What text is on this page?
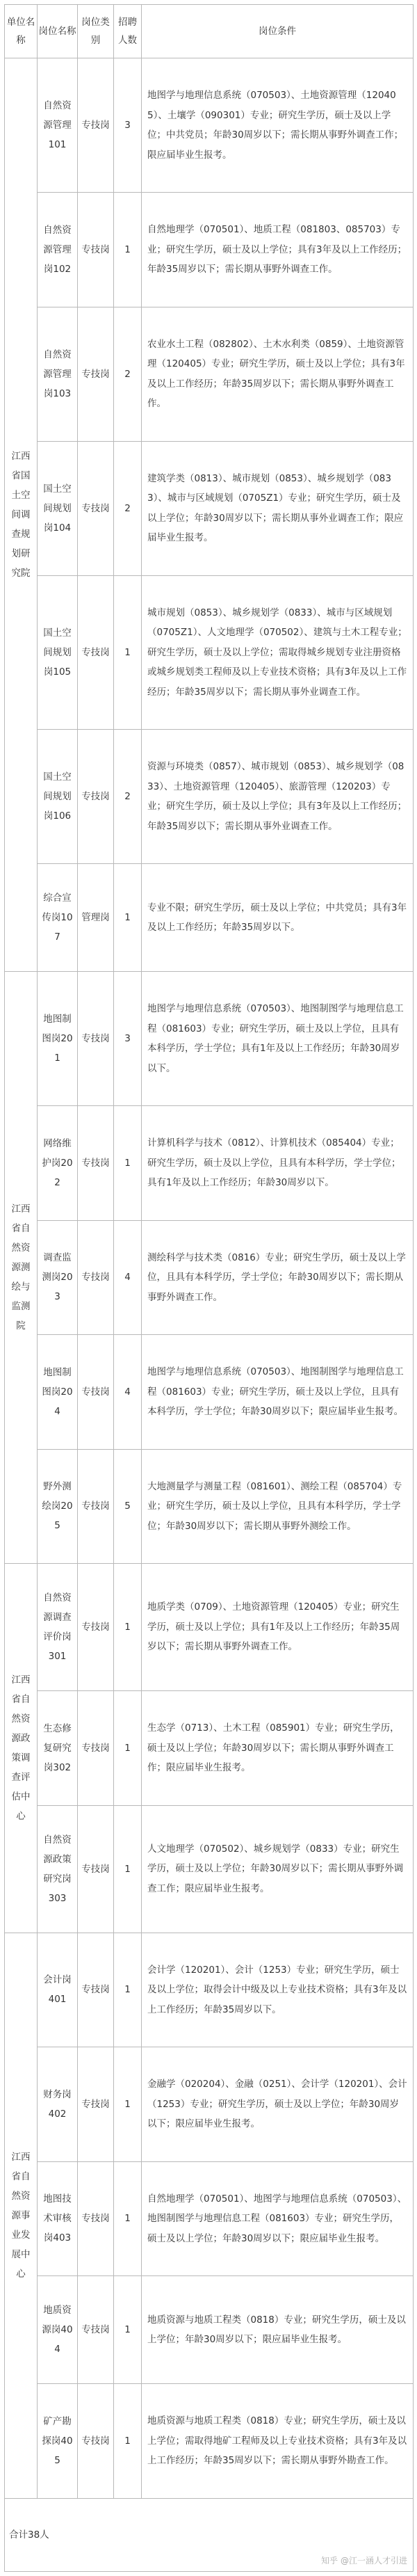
单位名称	岗位名称	岗位类别	招聘人数	岗位条件
江西省国土空间调查规划研究院	自然资源管理101	专技岗	3	地图学与地理信息系统（070503）、土地资源管理（120405）、土壤学（090301）专业；研究生学历，硕士及以上学位；中共党员；年龄30周岁以下；需长期从事野外调查工作；限应届毕业生报考。
	自然资源管理岗102	专技岗	1	自然地理学（070501）、地质工程（081803、085703）专业；研究生学历，硕士及以上学位；具有3年及以上工作经历；年龄35周岁以下；需长期从事野外调查工作。
	自然资源管理岗103	专技岗	2	农业水土工程（082802）、土木水利类（0859）、土地资源管理（120405）专业；研究生学历，硕士及以上学位；具有3年及以上工作经历；年龄35周岁以下；需长期从事野外调查工作。
	国土空间规划岗104	专技岗	2	建筑学类（0813）、城市规划（0853）、城乡规划学（0833）、城市与区域规划（0705Z1）专业；研究生学历，硕士及以上学位；年龄30周岁以下；需长期从事外业调查工作；限应届毕业生报考。
	国土空间规划岗105	专技岗	1	城市规划（0853）、城乡规划学（0833）、城市与区域规划（0705Z1）、人文地理学（070502）、建筑与土木工程专业；研究生学历，硕士及以上学位；需取得城乡规划专业注册资格或城乡规划类工程师及以上专业技术资格；具有3年及以上工作经历；年龄35周岁以下；需长期从事外业调查工作。
	国土空间规划岗106	专技岗	2	资源与环境类（0857）、城市规划（0853）、城乡规划学（0833）、土地资源管理（120405）、旅游管理（120203）专业；研究生学历，硕士及以上学位；具有3年及以上工作经历；年龄35周岁以下；需长期从事外业调查工作。
	综合宣传岗107	管理岗	1	专业不限；研究生学历，硕士及以上学位；中共党员；具有3年及以上工作经历；年龄35周岁以下。
江西省自然资源测绘与监测院	地图制图岗201	专技岗	3	地图学与地理信息系统（070503）、地图制图学与地理信息工程（081603）专业；研究生学历，硕士及以上学位，且具有本科学历，学士学位；具有1年及以上工作经历；年龄30周岁以下。
	网络维护岗202	专技岗	1	计算机科学与技术（0812）、计算机技术（085404）专业；研究生学历，硕士及以上学位，且具有本科学历，学士学位；具有1年及以上工作经历；年龄30周岁以下。
	调查监测岗203	专技岗	4	测绘科学与技术类（0816）专业；研究生学历，硕士及以上学位，且具有本科学历，学士学位；年龄30周岁以下；需长期从事野外调查工作。
	地图制图岗204	专技岗	4	地图学与地理信息系统（070503）、地图制图学与地理信息工程（081603）专业；研究生学历，硕士及以上学位，且具有本科学历，学士学位；年龄30周岁以下；限应届毕业生报考。
	野外测绘岗205	专技岗	5	大地测量学与测量工程（081601）、测绘工程（085704）专业；研究生学历，硕士及以上学位，且具有本科学历，学士学位；年龄30周岁以下；需长期从事野外测绘工作。
江西省自然资源政策调查评估中心	自然资源调查评价岗301	专技岗	1	地质学类（0709）、土地资源管理（120405）专业；研究生学历，硕士及以上学位；具有1年及以上工作经历；年龄35周岁以下；需长期从事野外调查工作。
	生态修复研究岗302	专技岗	1	生态学（0713）、土木工程（085901）专业；研究生学历，硕士及以上学位；年龄30周岁以下；需长期从事野外调查工作；限应届毕业生报考。
	自然资源政策研究岗303	专技岗	1	人文地理学（070502）、城乡规划学（0833）专业；研究生学历，硕士及以上学位；年龄30周岁以下；需长期从事野外调查工作；限应届毕业生报考。
江西省自然资源事业发展中心	会计岗401	专技岗	1	会计学（120201）、会计（1253）专业；研究生学历，硕士及以上学位；取得会计中级及以上专业技术资格；具有3年及以上工作经历；年龄35周岁以下。
	财务岗402	专技岗	1	金融学（020204）、金融（0251）、会计学（120201）、会计（1253）专业；研究生学历，硕士及以上学位；年龄30周岁以下；限应届毕业生报考。
	地图技术审核岗403	专技岗	1	自然地理学（070501）、地图学与地理信息系统（070503）、地图制图学与地理信息工程（081603）专业；研究生学历，硕士及以上学位；年龄30周岁以下；限应届毕业生报考。
	地质资源岗404	专技岗	1	地质资源与地质工程类（0818）专业；研究生学历，硕士及以上学位；年龄30周岁以下；限应届毕业生报考。
	矿产勘探岗405	专技岗	1	地质资源与地质工程类（0818）专业；研究生学历，硕士及以上学位；需取得地矿工程师及以上专业技术资格；具有3年及以上工作经历；年龄35周岁以下；需长期从事野外勘查工作。
合计38人				
知乎 @江一涵人才引进
